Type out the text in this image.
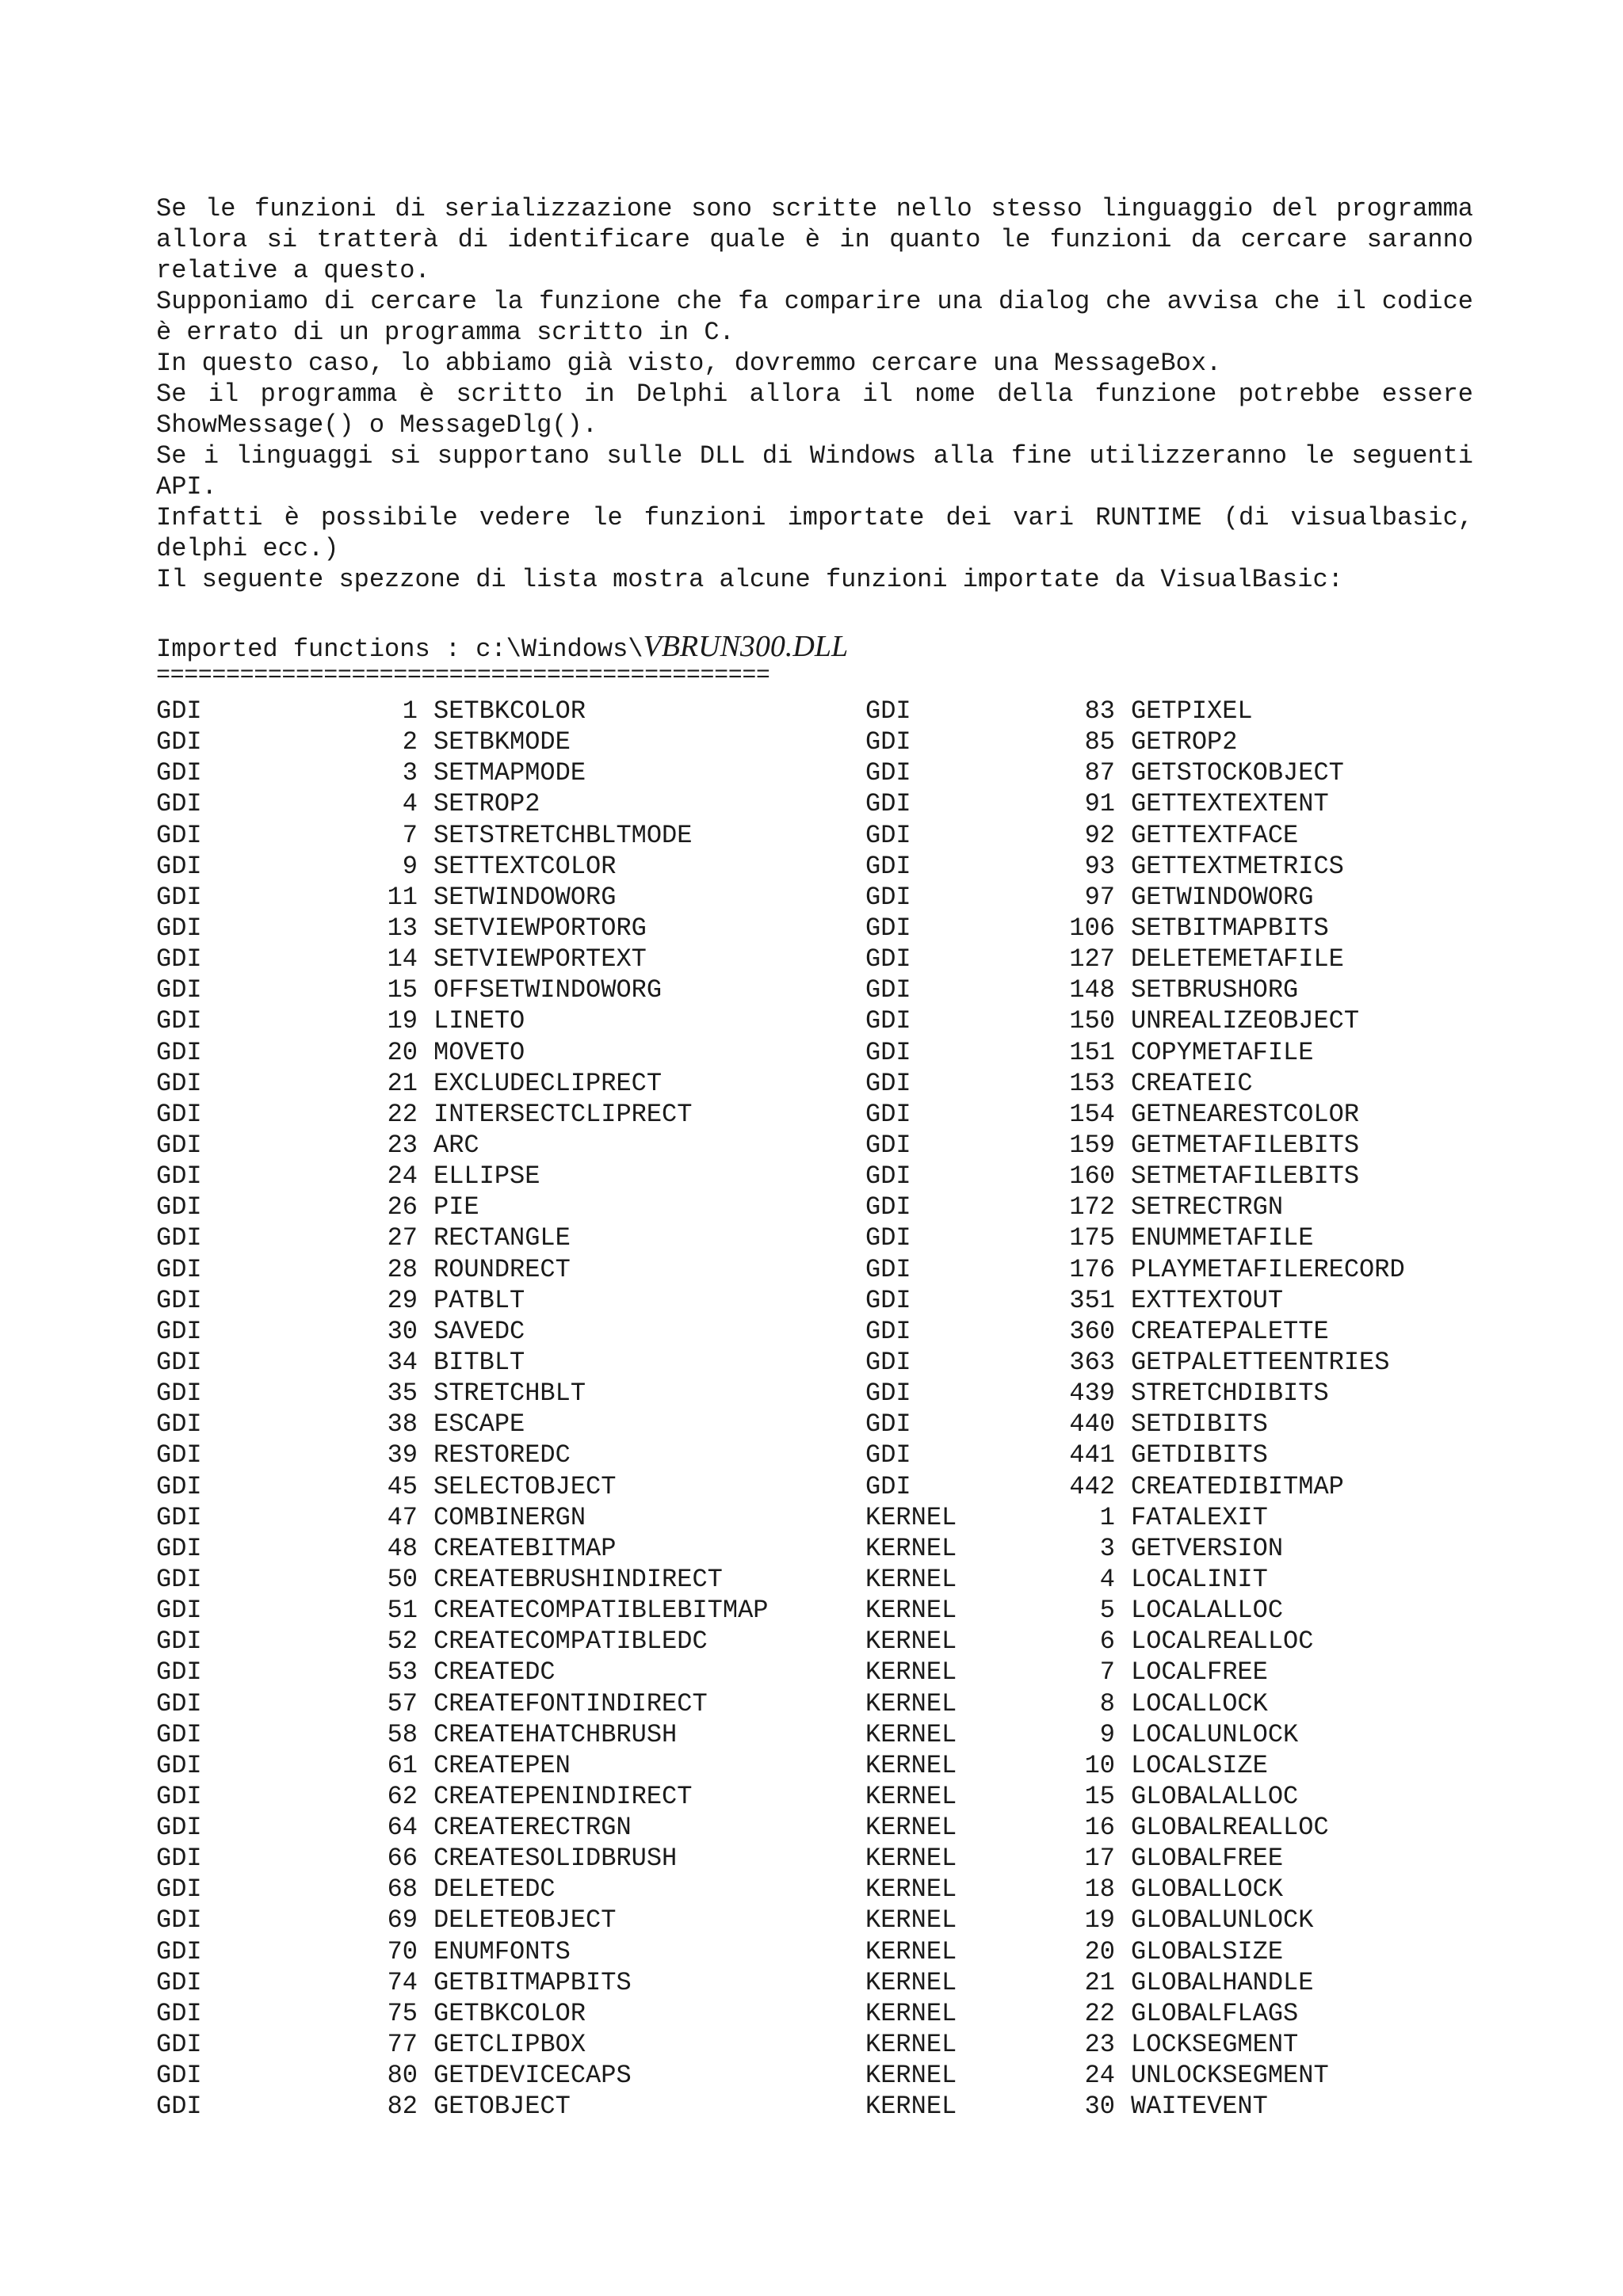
Se le funzioni di serializzazione sono scritte nello stesso linguaggio del programma allora si tratterà di identificare quale è in quanto le funzioni da cercare saranno relative a questo.

Supponiamo di cercare la funzione che fa comparire una dialog che avvisa che il codice è errato di un programma scritto in C.

In questo caso, lo abbiamo già visto, dovremmo cercare una MessageBox.

Se il programma è scritto in Delphi allora il nome della funzione potrebbe essere ShowMessage() o MessageDlg().

Se i linguaggi si supportano sulle DLL di Windows alla fine utilizzeranno le seguenti API.

Infatti è possibile vedere le funzioni importate dei vari RUNTIME (di visualbasic, delphi ecc.)

Il seguente spezzone di lista mostra alcune funzioni importate da VisualBasic:

Imported functions : c:\Windows\VBRUN300.DLL
============================================
GDI	1 SETBKCOLOR	GDI	83 GETPIXEL
GDI	2 SETBKMODE	GDI	85 GETROP2
GDI	3 SETMAPMODE	GDI	87 GETSTOCKOBJECT
GDI	4 SETROP2	GDI	91 GETTEXTEXTENT
GDI	7 SETSTRETCHBLTMODE	GDI	92 GETTEXTFACE
GDI	9 SETTEXTCOLOR	GDI	93 GETTEXTMETRICS
GDI	11 SETWINDOWORG	GDI	97 GETWINDOWORG
GDI	13 SETVIEWPORTORG	GDI	106 SETBITMAPBITS
GDI	14 SETVIEWPORTEXT	GDI	127 DELETEMETAFILE
GDI	15 OFFSETWINDOWORG	GDI	148 SETBRUSHORG
GDI	19 LINETO	GDI	150 UNREALIZEOBJECT
GDI	20 MOVETO	GDI	151 COPYMETAFILE
GDI	21 EXCLUDECLIPRECT	GDI	153 CREATEIC
GDI	22 INTERSECTCLIPRECT	GDI	154 GETNEARESTCOLOR
GDI	23 ARC	GDI	159 GETMETAFILEBITS
GDI	24 ELLIPSE	GDI	160 SETMETAFILEBITS
GDI	26 PIE	GDI	172 SETRECTRGN
GDI	27 RECTANGLE	GDI	175 ENUMMETAFILE
GDI	28 ROUNDRECT	GDI	176 PLAYMETAFILERECORD
GDI	29 PATBLT	GDI	351 EXTTEXTOUT
GDI	30 SAVEDC	GDI	360 CREATEPALETTE
GDI	34 BITBLT	GDI	363 GETPALETTEENTRIES
GDI	35 STRETCHBLT	GDI	439 STRETCHDIBITS
GDI	38 ESCAPE	GDI	440 SETDIBITS
GDI	39 RESTOREDC	GDI	441 GETDIBITS
GDI	45 SELECTOBJECT	GDI	442 CREATEDIBITMAP
GDI	47 COMBINERGN	KERNEL	1 FATALEXIT
GDI	48 CREATEBITMAP	KERNEL	3 GETVERSION
GDI	50 CREATEBRUSHINDIRECT	KERNEL	4 LOCALINIT
GDI	51 CREATECOMPATIBLEBITMAP	KERNEL	5 LOCALALLOC
GDI	52 CREATECOMPATIBLEDC	KERNEL	6 LOCALREALLOC
GDI	53 CREATEDC	KERNEL	7 LOCALFREE
GDI	57 CREATEFONTINDIRECT	KERNEL	8 LOCALLOCK
GDI	58 CREATEHATCHBRUSH	KERNEL	9 LOCALUNLOCK
GDI	61 CREATEPEN	KERNEL	10 LOCALSIZE
GDI	62 CREATEPENINDIRECT	KERNEL	15 GLOBALALLOC
GDI	64 CREATERECTRGN	KERNEL	16 GLOBALREALLOC
GDI	66 CREATESOLIDBRUSH	KERNEL	17 GLOBALFREE
GDI	68 DELETEDC	KERNEL	18 GLOBALLOCK
GDI	69 DELETEOBJECT	KERNEL	19 GLOBALUNLOCK
GDI	70 ENUMFONTS	KERNEL	20 GLOBALSIZE
GDI	74 GETBITMAPBITS	KERNEL	21 GLOBALHANDLE
GDI	75 GETBKCOLOR	KERNEL	22 GLOBALFLAGS
GDI	77 GETCLIPBOX	KERNEL	23 LOCKSEGMENT
GDI	80 GETDEVICECAPS	KERNEL	24 UNLOCKSEGMENT
GDI	82 GETOBJECT	KERNEL	30 WAITEVENT
